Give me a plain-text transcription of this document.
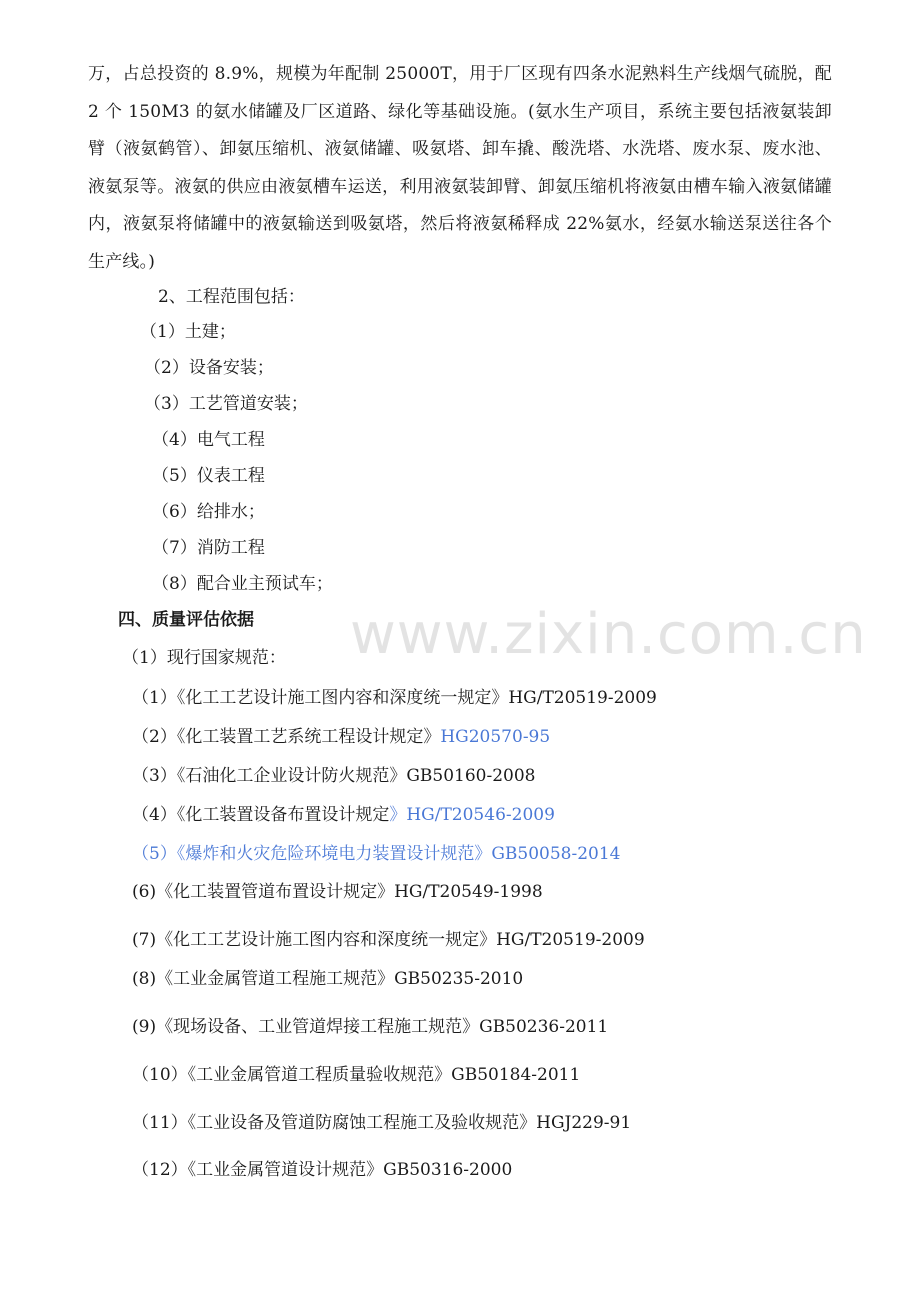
万，占总投资的 8.9%，规模为年配制 25000T，用于厂区现有四条水泥熟料生产线烟气硫脱，配 2 个 150M3 的氨水储罐及厂区道路、绿化等基础设施。(氨水生产项目，系统主要包括液氨装卸臂（液氨鹤管）、卸氨压缩机、液氨储罐、吸氨塔、卸车撬、酸洗塔、水洗塔、废水泵、废水池、液氨泵等。液氨的供应由液氨槽车运送，利用液氨装卸臂、卸氨压缩机将液氨由槽车输入液氨储罐内，液氨泵将储罐中的液氨输送到吸氨塔，然后将液氨稀释成 22%氨水，经氨水输送泵送往各个生产线。)

2、工程范围包括：

（1）土建；

（2）设备安装；

（3）工艺管道安装；

（4）电气工程

（5）仪表工程

（6）给排水；

（7）消防工程

（8）配合业主预试车；

四、质量评估依据

（1）现行国家规范：

（1）《化工工艺设计施工图内容和深度统一规定》HG/T20519-2009

（2）《化工装置工艺系统工程设计规定》HG20570-95

（3）《石油化工企业设计防火规范》GB50160-2008

（4）《化工装置设备布置设计规定》HG/T20546-2009

（5）《爆炸和火灾危险环境电力装置设计规范》GB50058-2014

(6)《化工装置管道布置设计规定》HG/T20549-1998

(7)《化工工艺设计施工图内容和深度统一规定》HG/T20519-2009

(8)《工业金属管道工程施工规范》GB50235-2010

(9)《现场设备、工业管道焊接工程施工规范》GB50236-2011

（10）《工业金属管道工程质量验收规范》GB50184-2011

（11）《工业设备及管道防腐蚀工程施工及验收规范》HGJ229-91

（12）《工业金属管道设计规范》GB50316-2000

www.zixin.com.cn
